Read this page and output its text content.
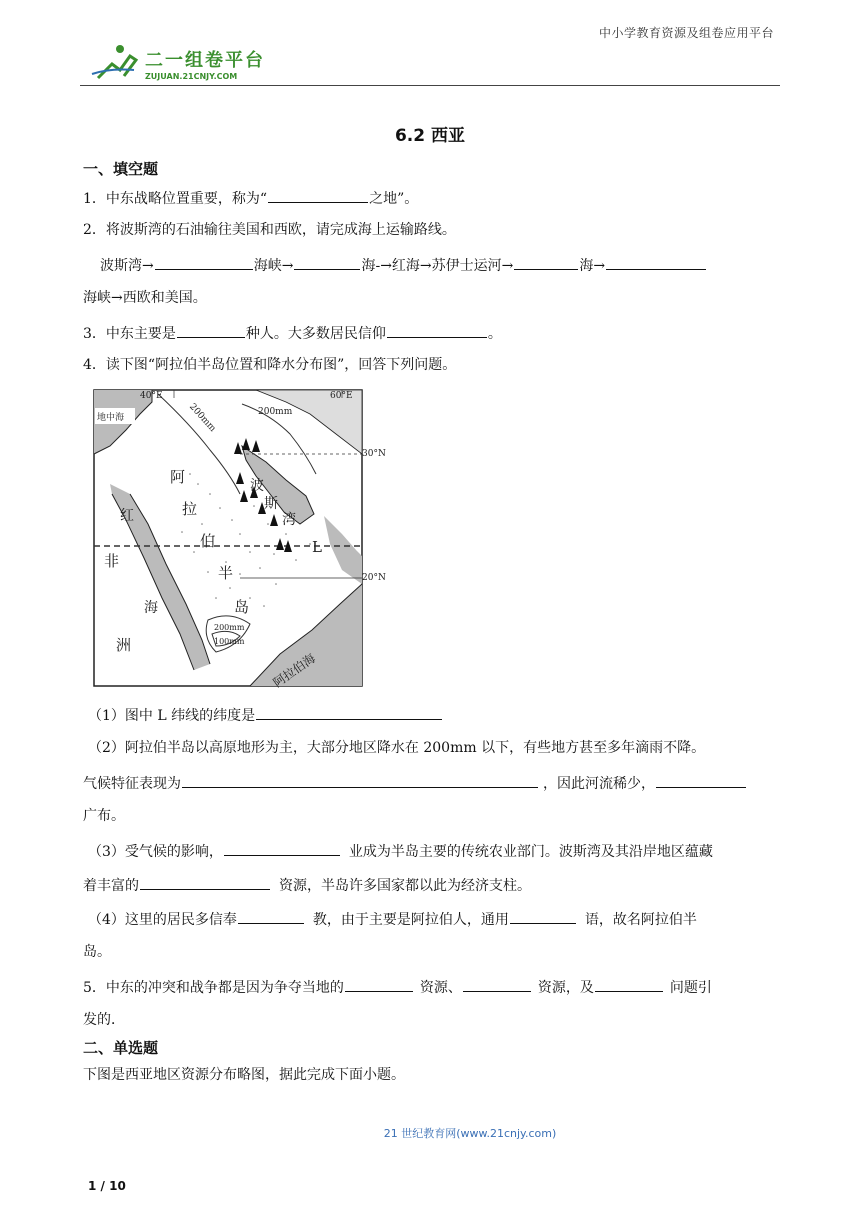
中小学教育资源及组卷应用平台
二一组卷平台
ZUJUAN.21CNJY.COM
6.2 西亚
一、填空题
1．中东战略位置重要，称为“	之地”。
2．将波斯湾的石油输往美国和西欧，请完成海上运输路线。
波斯湾→	海峡→	海-→红海→苏伊士运河→	海→
海峡→西欧和美国。
3．中东主要是	种人。大多数居民信仰	。
4．读下图“阿拉伯半岛位置和降水分布图”，回答下列问题。
40°E	60°E
30°N
20°N
地中海
200mm
200mm
200mm
100mm
非
洲
红
海
阿
拉
伯
半
岛
波
斯
湾
L
阿拉伯海
（1）图中 L 纬线的纬度是
（2）阿拉伯半岛以高原地形为主，大部分地区降水在 200mm 以下，有些地方甚至多年滴雨不降。
气候特征表现为	，因此河流稀少，
广布。
（3）受气候的影响，	业成为半岛主要的传统农业部门。波斯湾及其沿岸地区蕴藏
着丰富的	资源，半岛许多国家都以此为经济支柱。
（4）这里的居民多信奉	教，由于主要是阿拉伯人，通用	语，故名阿拉伯半
岛。
5．中东的冲突和战争都是因为争夺当地的	资源、	资源，及	问题引
发的．
二、单选题
下图是西亚地区资源分布略图，据此完成下面小题。
21 世纪教育网(www.21cnjy.com)
1 / 10
